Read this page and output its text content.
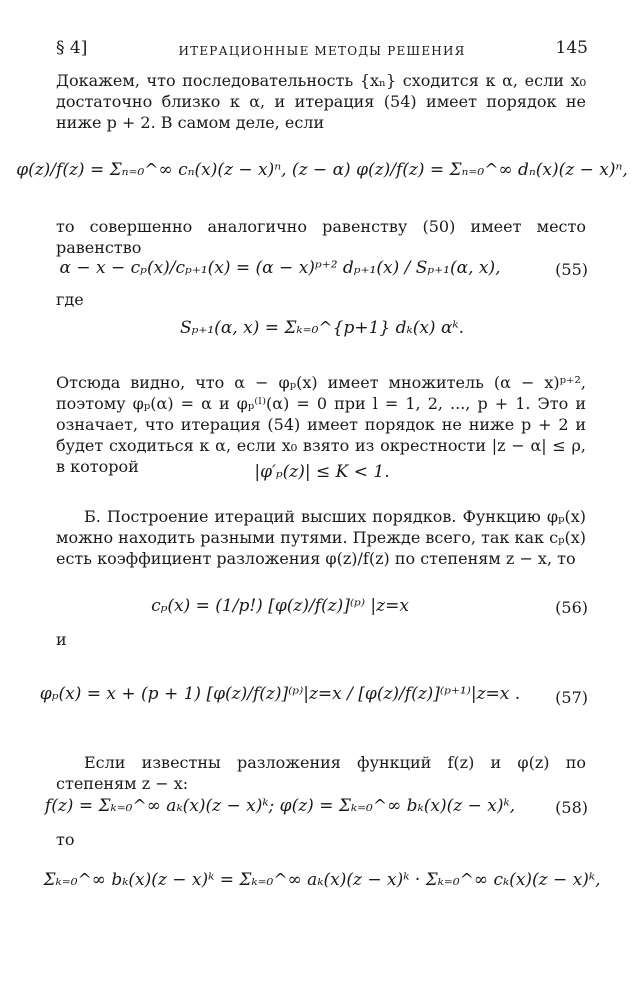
§ 4]	ИТЕРАЦИОННЫЕ МЕТОДЫ РЕШЕНИЯ	145
Докажем, что последовательность {xₙ} сходится к α, если x₀ достаточно близко к α, и итерация (54) имеет порядок не ниже p + 2. В самом деле, если
φ(z)/f(z) = Σₙ₌₀^∞ cₙ(x)(z − x)ⁿ, (z − α) φ(z)/f(z) = Σₙ₌₀^∞ dₙ(x)(z − x)ⁿ,
то совершенно аналогично равенству (50) имеет место равенство
α − x − cₚ(x)/cₚ₊₁(x) = (α − x)ᵖ⁺² dₚ₊₁(x) / Sₚ₊₁(α, x),	(55)
где
Sₚ₊₁(α, x) = Σₖ₌₀^{p+1} dₖ(x) αᵏ.
Отсюда видно, что α − φₚ(x) имеет множитель (α − x)ᵖ⁺², поэтому φₚ(α) = α и φₚ⁽ˡ⁾(α) = 0 при l = 1, 2, ..., p + 1. Это и означает, что итерация (54) имеет порядок не ниже p + 2 и будет сходиться к α, если x₀ взято из окрестности |z − α| ≤ ρ, в которой	|φ′ₚ(z)| ≤ K < 1.
Б. Построение итераций высших порядков. Функцию φₚ(x) можно находить разными путями. Прежде всего, так как cₚ(x) есть коэффициент разложения φ(z)/f(z) по степеням z − x, то
cₚ(x) = (1/p!) [φ(z)/f(z)]⁽ᵖ⁾ |z=x	(56)
и
φₚ(x) = x + (p + 1) [φ(z)/f(z)]⁽ᵖ⁾|z=x / [φ(z)/f(z)]⁽ᵖ⁺¹⁾|z=x .	(57)
Если известны разложения функций f(z) и φ(z) по степеням z − x:
f(z) = Σₖ₌₀^∞ aₖ(x)(z − x)ᵏ; φ(z) = Σₖ₌₀^∞ bₖ(x)(z − x)ᵏ,	(58)
то
Σₖ₌₀^∞ bₖ(x)(z − x)ᵏ = Σₖ₌₀^∞ aₖ(x)(z − x)ᵏ · Σₖ₌₀^∞ cₖ(x)(z − x)ᵏ,
